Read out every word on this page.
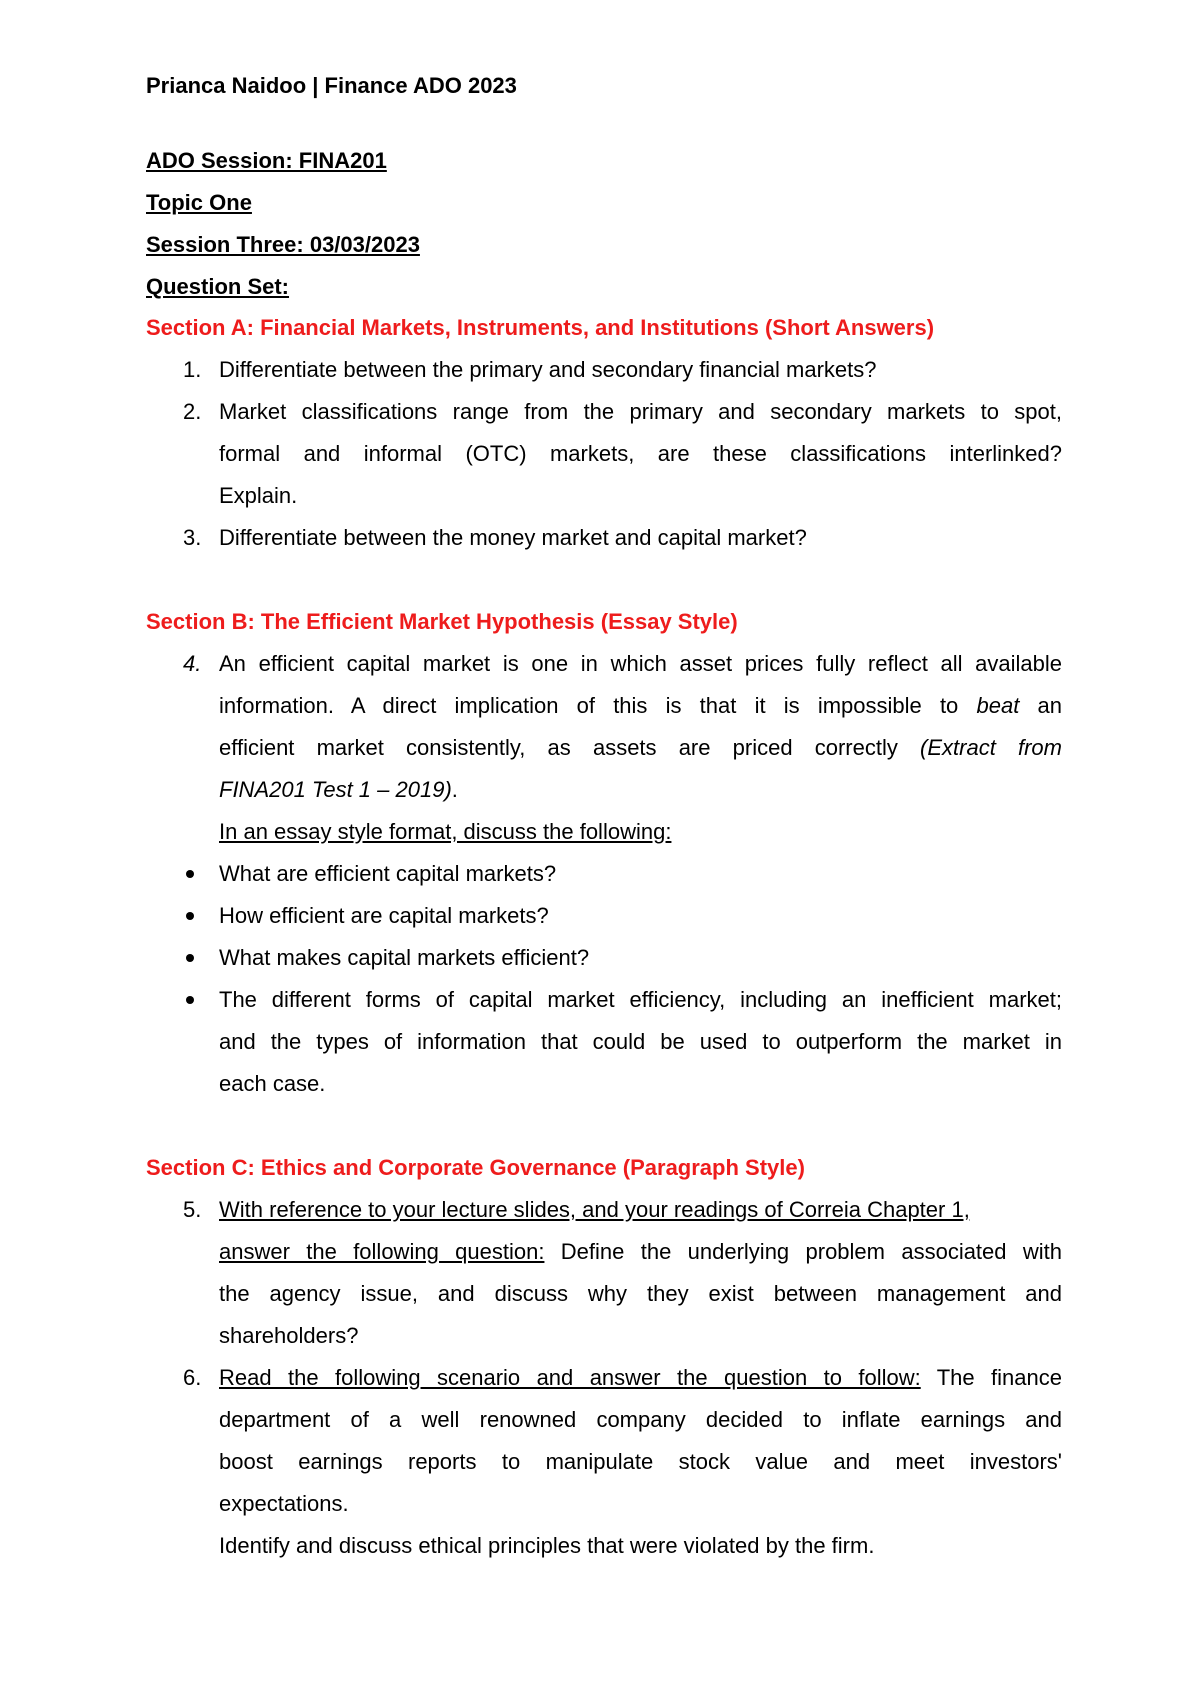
Prianca Naidoo | Finance ADO 2023
ADO Session: FINA201
Topic One
Session Three: 03/03/2023
Question Set:
Section A: Financial Markets, Instruments, and Institutions (Short Answers)
1. Differentiate between the primary and secondary financial markets?
2. Market classifications range from the primary and secondary markets to spot,
formal and informal (OTC) markets, are these classifications interlinked?
Explain.
3. Differentiate between the money market and capital market?
Section B: The Efficient Market Hypothesis (Essay Style)
4. An efficient capital market is one in which asset prices fully reflect all available
information. A direct implication of this is that it is impossible to beat an
efficient market consistently, as assets are priced correctly (Extract from
FINA201 Test 1 – 2019).
In an essay style format, discuss the following:
What are efficient capital markets?
How efficient are capital markets?
What makes capital markets efficient?
The different forms of capital market efficiency, including an inefficient market;
and the types of information that could be used to outperform the market in
each case.
Section C: Ethics and Corporate Governance (Paragraph Style)
5. With reference to your lecture slides, and your readings of Correia Chapter 1,
answer the following question: Define the underlying problem associated with
the agency issue, and discuss why they exist between management and
shareholders?
6. Read the following scenario and answer the question to follow: The finance
department of a well renowned company decided to inflate earnings and
boost earnings reports to manipulate stock value and meet investors'
expectations.
Identify and discuss ethical principles that were violated by the firm.
